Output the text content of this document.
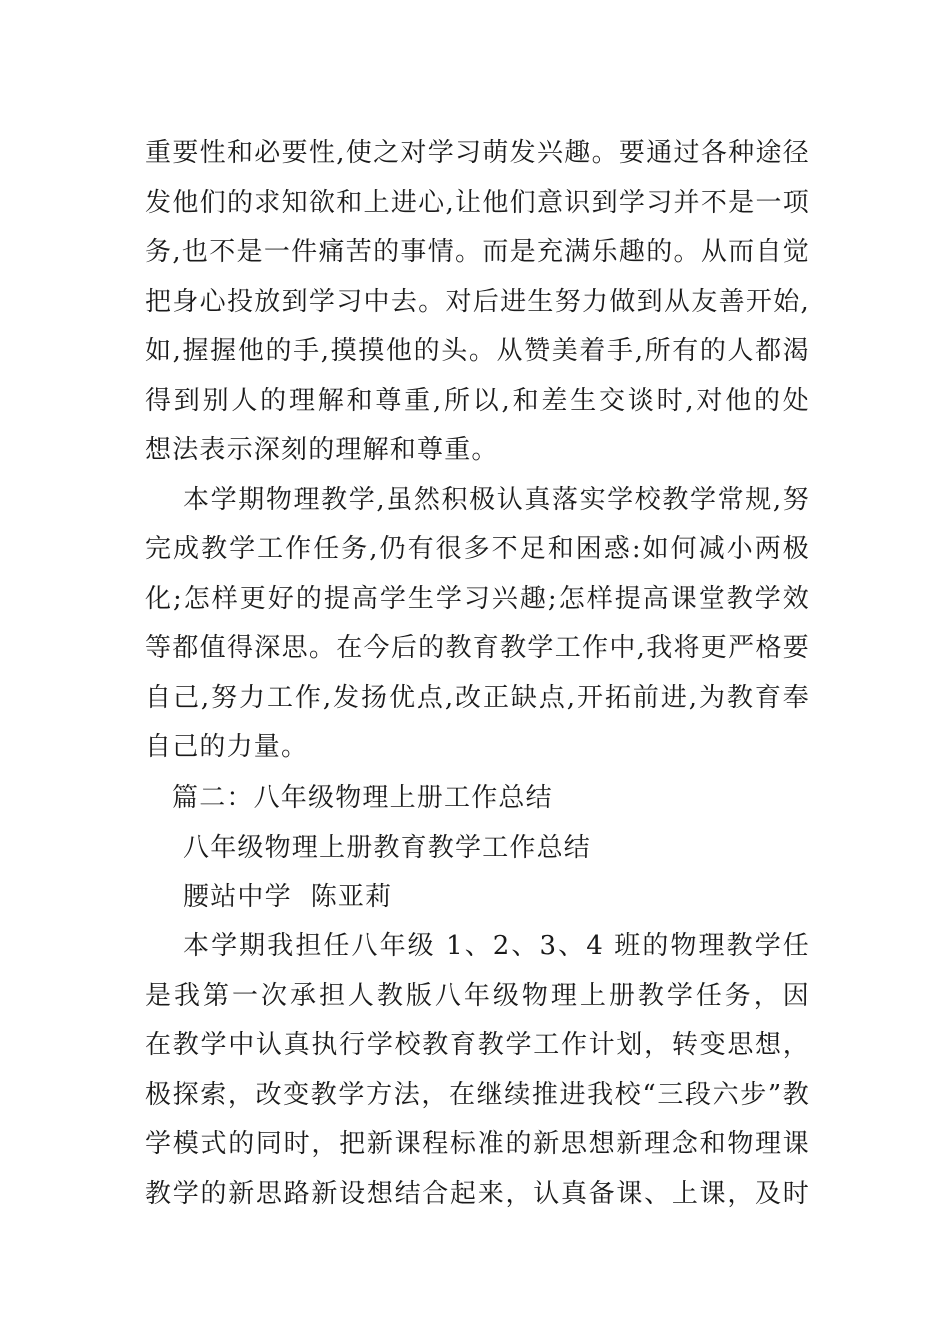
重要性和必要性,使之对学习萌发兴趣。要通过各种途径
发他们的求知欲和上进心,让他们意识到学习并不是一项
务,也不是一件痛苦的事情。而是充满乐趣的。从而自觉
把身心投放到学习中去。对后进生努力做到从友善开始,
如,握握他的手,摸摸他的头。从赞美着手,所有的人都渴
得到别人的理解和尊重,所以,和差生交谈时,对他的处
想法表示深刻的理解和尊重。
本学期物理教学,虽然积极认真落实学校教学常规,努
完成教学工作任务,仍有很多不足和困惑:如何减小两极
化;怎样更好的提高学生学习兴趣;怎样提高课堂教学效
等都值得深思。在今后的教育教学工作中,我将更严格要
自己,努力工作,发扬优点,改正缺点,开拓前进,为教育奉
自己的力量。
篇二：八年级物理上册工作总结
八年级物理上册教育教学工作总结
腰站中学  陈亚莉
本学期我担任八年级 1、2、3、4 班的物理教学任
是我第一次承担人教版八年级物理上册教学任务，因
在教学中认真执行学校教育教学工作计划，转变思想，
极探索，改变教学方法，在继续推进我校“三段六步”教
学模式的同时，把新课程标准的新思想新理念和物理课
教学的新思路新设想结合起来，认真备课、上课，及时
